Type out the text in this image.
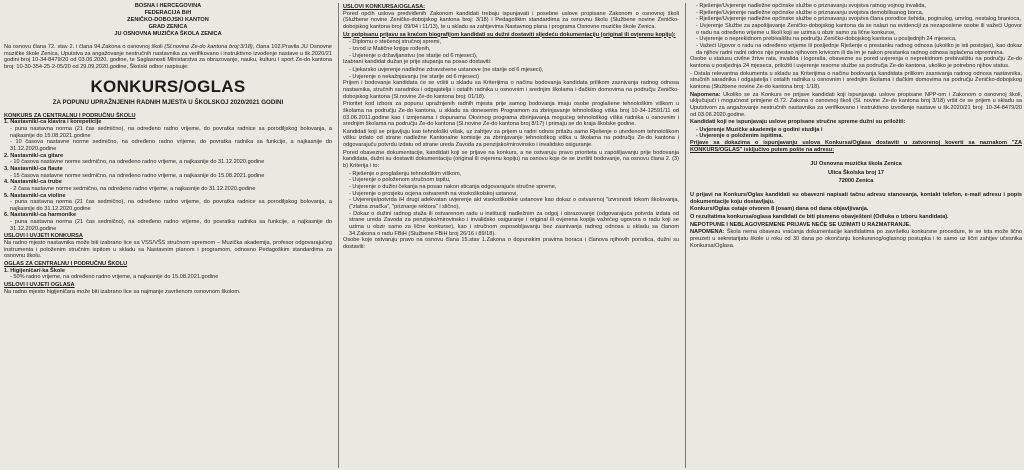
BOSNA I HERCEGOVINA
FEDERACIJA BiH
ZENIČKO-DOBOJSKI KANTON
GRAD ZENICA
JU OSNOVNA MUZIČKA ŠKOLA ZENICA

Na osnovu člana 72. stav 2. i člana 94.Zakona o osnovnoj školi (Sl.novine Ze-do kantona broj:3/18), člana 102.Pravila JU Osnovne muzičke škole Zenica, Uputstva za angažovanje nestručnih nastavnika za verifikovano i instruktivno izvođenje nastave u šk.2020/21 godini broj 10-34-8479/20 od 03.06.2020. godine, te Saglasnosti Ministarstva za obrazovanje, nauku, kulturu i sport Ze-do kantona broj: 10-30-354-25-2-05/20 od 29.09.2020.godine, Školski odbor raspisuje:

KONKURS/OGLAS
ZA POPUNU UPRAŽNJENIH RADNIH MJESTA U ŠKOLSKOJ 2020/2021 GODINI
KONKURS ZA CENTRALNU I PODRUČNU ŠKOLU
1. Nastavnik/-ca klavira i korepeticije
- puna nastavna norma (21 čas sedmično), na određeno radno vrijeme, do povratka radnice sa porodiljskog bolovanja, a najkasnije do 15.08.2021.godine
- 10 časova nastavne norme sedmično, na određeno radno vrijeme, do povratka radnika sa funkcije, a najkasnije do 31.12.2020.godine
2. Nastavnik/-ca gitare
- 10 časova nastavne norme sedmično, na određeno radno vrijeme, a najkasnije do 31.12.2020.godine
3. Nastavnik/-ca flaute
- 15 časova nastavne norme sedmično, na određeno radno vrijeme, a najkasnije do 15.08.2021.godine
4. Nastavnik/-ca trube
- 2 časa nastavne norme sedmično, na određeno radno vrijeme, a najkasnije do 31.12.2020.godine
5. Nastavnik/-ca violine
- puna nastavna norma (21 čas sedmično), na određeno radno vrijeme, do povratka radnice sa porodiljskog bolovanja, a najkasnije do 31.12.2020.godine
6. Nastavnik/-ca harmonike
- puna nastavna norma (21 čas sedmično), na određeno radno vrijeme, do povratka radnika sa funkcije, a najkasnije do 31.12.2020.godine
USLOVI I UVJETI KONKURSA

Na radno mjesto nastavnika može biti izabrano lice sa VSS/VŠS stručnom spremom – Muzička akademija, profesor odgovarajućeg instrumenta i položenim stručnim ispitom u skladu sa Nastavnim planom i programom, odnosno Pedagoškim standardima za osnovnu školu.

OGLAS ZA CENTRALNU I PODRUČNU ŠKOLU
1. Higijeničar/-ka Škole
- 50% radno vrijeme, na određeno radno vrijeme, a najkasnije do 15.08.2021.godine
USLOVI I UVJETI OGLASA

Na radno mjesto higijeničara može biti izabrano lice sa najmanje završenom osnovnom školom.

USLOVI KONKURSA/OGLASA:

Pored općih uslova predviđenih Zakonom kandidati trebaju ispunjavati i posebne uslove propisane Zakonom o osnovnoj školi (Službene novine Zeničko-dobojskog kantona broj: 3/18) i Pedagoškim standardima za osnovnu školu (Službene novine Zeničko-dobojskog kantona broj: 09/04 i 11/13), te u skladu sa zahtjevima Nastavnog plana i programa Osnovne muzičke škole Zenica.

Uz potpisanu prijavu sa kraćom biografijom kandidati su dužni dostaviti sljedeću dokumentaciju (original ili ovjerenu kopiju):

- Diplomu o stečenoj stručnoj spremi,
- Izvod iz Matične knjige rođenih,
- Uvjerenje o državljanstvu (ne starije od 6 mjeseci),

Izabrani kandidat dužan je prije stupanja na posao dostaviti:

- Ljekarsko uvjerenje nadležne zdravstvene ustanove (ne starije od 6 mjeseci),
- Uvjerenje o nekažnjavanju (ne starije od 6 mjeseci)

Prijem i bodovanje kandidata će se vršiti u skladu sa Kriterijima o načinu bodovanja kandidata prilikom zasnivanja radnog odnosa nastavnika, stručnih saradnika i odgajatelja i ostalih radnika u osnovnim i srednjim školama i đačkim domovima na području Zeničko-dobojskog kantona (Sl.novine Ze-do kantona broj: 01/18).

Prioritet kod izbora za popunu upražnjenih radnih mjesta prije samog bodovanja imaju osobe proglašene tehnološkim viškom u školama na području Ze-do kantona, u skladu sa donesenim Programom za zbrinjavanje tehnološkog viška broj 10-34-12591/11 od 03.06.2011.godine kao i izmjenama i dopunama Okvirnog programa zbrinjavanja mogućeg tehnološkog viška radnika u osnovnim i srednjim školama na području Ze-do kantona (Sl.novine Ze-do kantona broj 8/17) i primaju se do kraja školske godine.

Kandidati koji se prijavljuju kao tehnološki višak, uz zahtjev za prijem u radni odnos prilažu samo Rješenje o utvrđenom tehnološkom višku izdato od strane nadležne Kantonalne komisije za zbrinjavanje tehnološkog viška u školama na području Ze-do kantona i odgovarajuću potvrdu izdatu od strane ureda Zavoda za penzijsko/mirovinsko i invalidsko osiguranje.

Pored obavezne dokumentacije, kandidati koji se prijave na konkurs, a ne ostvaruju pravo prioriteta u zapošljavanju prije bodovanja kandidata, dužni su dostaviti dokumentaciju (original ili ovjerenu kopiju) na osnovu koje će se izvršiti bodovanje, na osnovu člana 2. (3) b) Kriterija i to:

- Rješenje o proglašenju tehnološkim viškom,
- Uvjerenje o položenom stručnom ispitu,
- Uvjerenje o dužini čekanja na posao nakon sticanja odgovarajuće stručne spreme,
- Uvjerenje o prosjeku ocjena ostvarenih na visokoškolskoj ustanovi,
- Uvjerenje/potvrda iH drugi adekvatan uvjerenje akt visokoškolske ustanove kao dokaz o ostvarenoj "izvrsnosti tokom školovanja, ("zlatna značka", "priznanje rektora" i slično),
- Dokaz o dužini radnog staža ili ostvarenom radu u instituciji nadležnim za odgoj i obrazovanje (odgovarajuća potvrda izdata od strane ureda Zavoda za penzijsko/mirovinsko i invalidsko osiguranje i original ili ovjerena kopija važećeg ugovora o radu koji se uzima u obzir samo za lične konkurse), kao i stručnom osposobljavanju bez zasnivanja radnog odnosa u skladu sa članom 34.Zakona o radu FBiH (Službene FBiH broj 26/16 i 89/18).

Osobe koje ostvaruju pravo na osnovu člana 15.stav 1.Zakona o dopunskim pravima boraca i članova njihovih porodica, dužni su dostaviti:

- Rješenje/Uvjerenje nadležne općinske službe o priznavanju svojstva ratnog vojnog invalida,
- Rješenje/Uvjerenje nadležne općinske službe o priznavanju svojstva demobilisanog borca,
- Rješenje/Uvjerenje nadležne općinske službe o priznavanju svojstva člana porodice šehida, poginulog, umrlog, nestalog branioca,
- Uvjerenje Službe za zapošljavanje Zeničko-dobojskog kantona da se nalazi na evidenciji za nezaposlene osobe ili važeći Ugovor o radu na određeno vrijeme u školi koji se uzima u obzir samo za lične konkurse,
- Uvjerenje o neprekidnom prebivalištu na području Zeničko-dobojskog kantona u posljednjih 24 mjeseca,
- Važeći Ugovor o radu na određeno vrijeme ili posljednje Rješenje o prestanku radnog odnosa (ukoliko je isti postojao), kao dokaz da njihov radni radni odnos nije prestao njihovom krivicom ili da im je nakon prestanka radnog odnosa isplaćena otpremnina.

Osobe u statusu civilne žrtve rata, invalida i logoraša, obavezne su pored uvjerenja o neprekidnom prebivalištu na području Ze-do kantona u posljednja 24 mjeseca, priložiti i uvjerenje resorne službe sa područja Ze-do kantona, ukoliko je potrebno njihov status.

- Ostala relevantna dokumenta u skladu sa Kriterijima o načinu bodovanja kandidata prilikom zasnivanja radnog odnosa nastavnika, stručnih saradnika i odgajatelja i ostalih radnika u osnovnim i srednjim školama i đačkim domovima na području Zeničko-dobojskog kantona (Službene novine Ze-do kantona broj: 1/18).

Napomena: Ukoliko se za Konkurs ne prijave kandidati koji ispunjavaju uslove propisane NPP-om i Zakonom o osnovnoj školi, uključujući i mogućnost primjene čl.72. Zakona o osnovnoj školi (Sl. novine Ze-do kantona broj 3/18) vršit će se prijem u skladu sa Uputstvom za angažovanje nestručnih nastavnika za verifikovano i instruktivno izvođenje nastave u šk.2020/21 broj: 10-34-8479/20 od 03.06.2020.godine.

Kandidati koji ne ispunjavaju uslove propisane stručne spreme dužni su priložiti:

- Uvjerenje Muzičke akademije o godini studija i
- Uvjerenje o položenim ispitima.

Prijave sa dokazima o ispunjavanju uslova Konkursa/Oglasa dostaviti u zatvorenoj koverti sa naznakom "ZA KONKURS/OGLAS" isključivo putem pošte na adresu:

JU Osnovna muzička škola Zenica
Ulica Školska broj 17
72000 Zenica

U prijavi na Konkurs/Oglas kandidati su obavezni napisati tačnu adresu stanovanja, kontakt telefon, e-mail adresu i popis dokumentacije koju dostavljaju.

Konkurs/Oglas ostaje otvoren 8 (osam) dana od dana objavljivanja.

O rezultatima konkursa/oglasa kandidati će biti pismeno obavješteni (Odluka o izboru kandidata).

NEPOTPUNE I NEBLAGOVREMENE PRIJAVE NEĆE SE UZIMATI U RAZMATRANJE.

NAPOMENA: Škola nema obavezu vraćanja dokumentacije kandidatima po završetku konkursne procedure, te se ista može lično preuzeti u sekretarijatu škole u roku od 30 dana po okončanju konkursnog/oglasnog postupka i to samo uz lični zahtjev učesnika Konkursa/Oglasa.
